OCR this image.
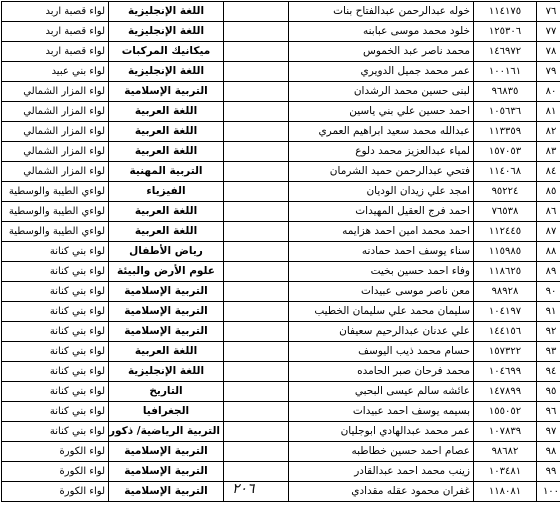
٧٦	١١٤١٧٥	خوله عبدالرحمن عبدالفتاح بنات		اللغة الإنجليزية	لواء قصبة اربد
٧٧	١٢٥٣٠٦	خلود محمد موسى عبابنه		اللغة الإنجليزية	لواء قصبة اربد
٧٨	١٤٦٩٧٢	محمد ناصر عبد الخموس		ميكانيك المركبات	لواء قصبة اربد
٧٩	١٠٠١٦١	عمر محمد جميل الدويري		اللغة الإنجليزية	لواء بني عبيد
٨٠	٩٦٨٣٥	لبنى حسين محمد الرشدان		التربية الإسلامية	لواء المزار الشمالي
٨١	١٠٥٦٣٦	احمد حسين علي بني ياسين		اللغة العربية	لواء المزار الشمالي
٨٢	١١٣٣٥٩	عبدالله محمد سعيد ابراهيم العمري		اللغة العربية	لواء المزار الشمالي
٨٣	١٥٧٠٥٣	لمياء عبدالعزيز محمد دلوع		اللغة العربية	لواء المزار الشمالي
٨٤	١١٤٠٦٨	فتحي عبدالرحمن حميد الشرمان		التربية المهنية	لواء المزار الشمالي
٨٥	٩٥٢٢٤	امجد علي زيدان الوديان		الفيزياء	لواءي الطيبة والوسطية
٨٦	٧٦٥٣٨	احمد فرج العقيل المهيدات		اللغة العربية	لواءي الطيبة والوسطية
٨٧	١١٢٤٤٥	احمد محمد امين احمد هزايمه		اللغة العربية	لواءي الطيبة والوسطية
٨٨	١١٥٩٨٥	سناء يوسف احمد حمادنه		رياض الأطفال	لواء بني كنانة
٨٩	١١٨٦٢٥	وفاء احمد حسين بخيت		علوم الأرض والبيئة	لواء بني كنانة
٩٠	٩٨٩٢٨	معن ناصر موسى عبيدات		التربية الإسلامية	لواء بني كنانة
٩١	١٠٤١٩٧	سليمان محمد علي سليمان الخطيب		التربية الإسلامية	لواء بني كنانة
٩٢	١٤٤١٥٦	علي عدنان عبدالرحيم سعيفان		التربية الإسلامية	لواء بني كنانة
٩٣	١٥٧٣٢٢	حسام محمد ذيب اليوسف		اللغة العربية	لواء بني كنانة
٩٤	١٠٤٦٩٩	محمد فرحان صبر الحامده		اللغة الإنجليزية	لواء بني كنانة
٩٥	١٤٧٨٩٩	عائشه سالم عيسى البحبي		التاريخ	لواء بني كنانة
٩٦	١٥٥٠٥٢	بسيمه يوسف احمد عبيدات		الجغرافيا	لواء بني كنانة
٩٧	١٠٧٨٣٩	عمر محمد عبدالهادي ابوجليان		التربية الرياضية/ ذكور	لواء بني كنانة
٩٨	٩٨٦٨٢	عصام احمد حسين خطاطبه		التربية الإسلامية	لواء الكورة
٩٩	١٠٣٤٨١	زينب محمد احمد عبدالقادر		التربية الإسلامية	لواء الكورة
١٠٠	١١٨٠٨١	غفران محمود عقله مقدادي	٢٠٦	التربية الإسلامية	لواء الكورة
